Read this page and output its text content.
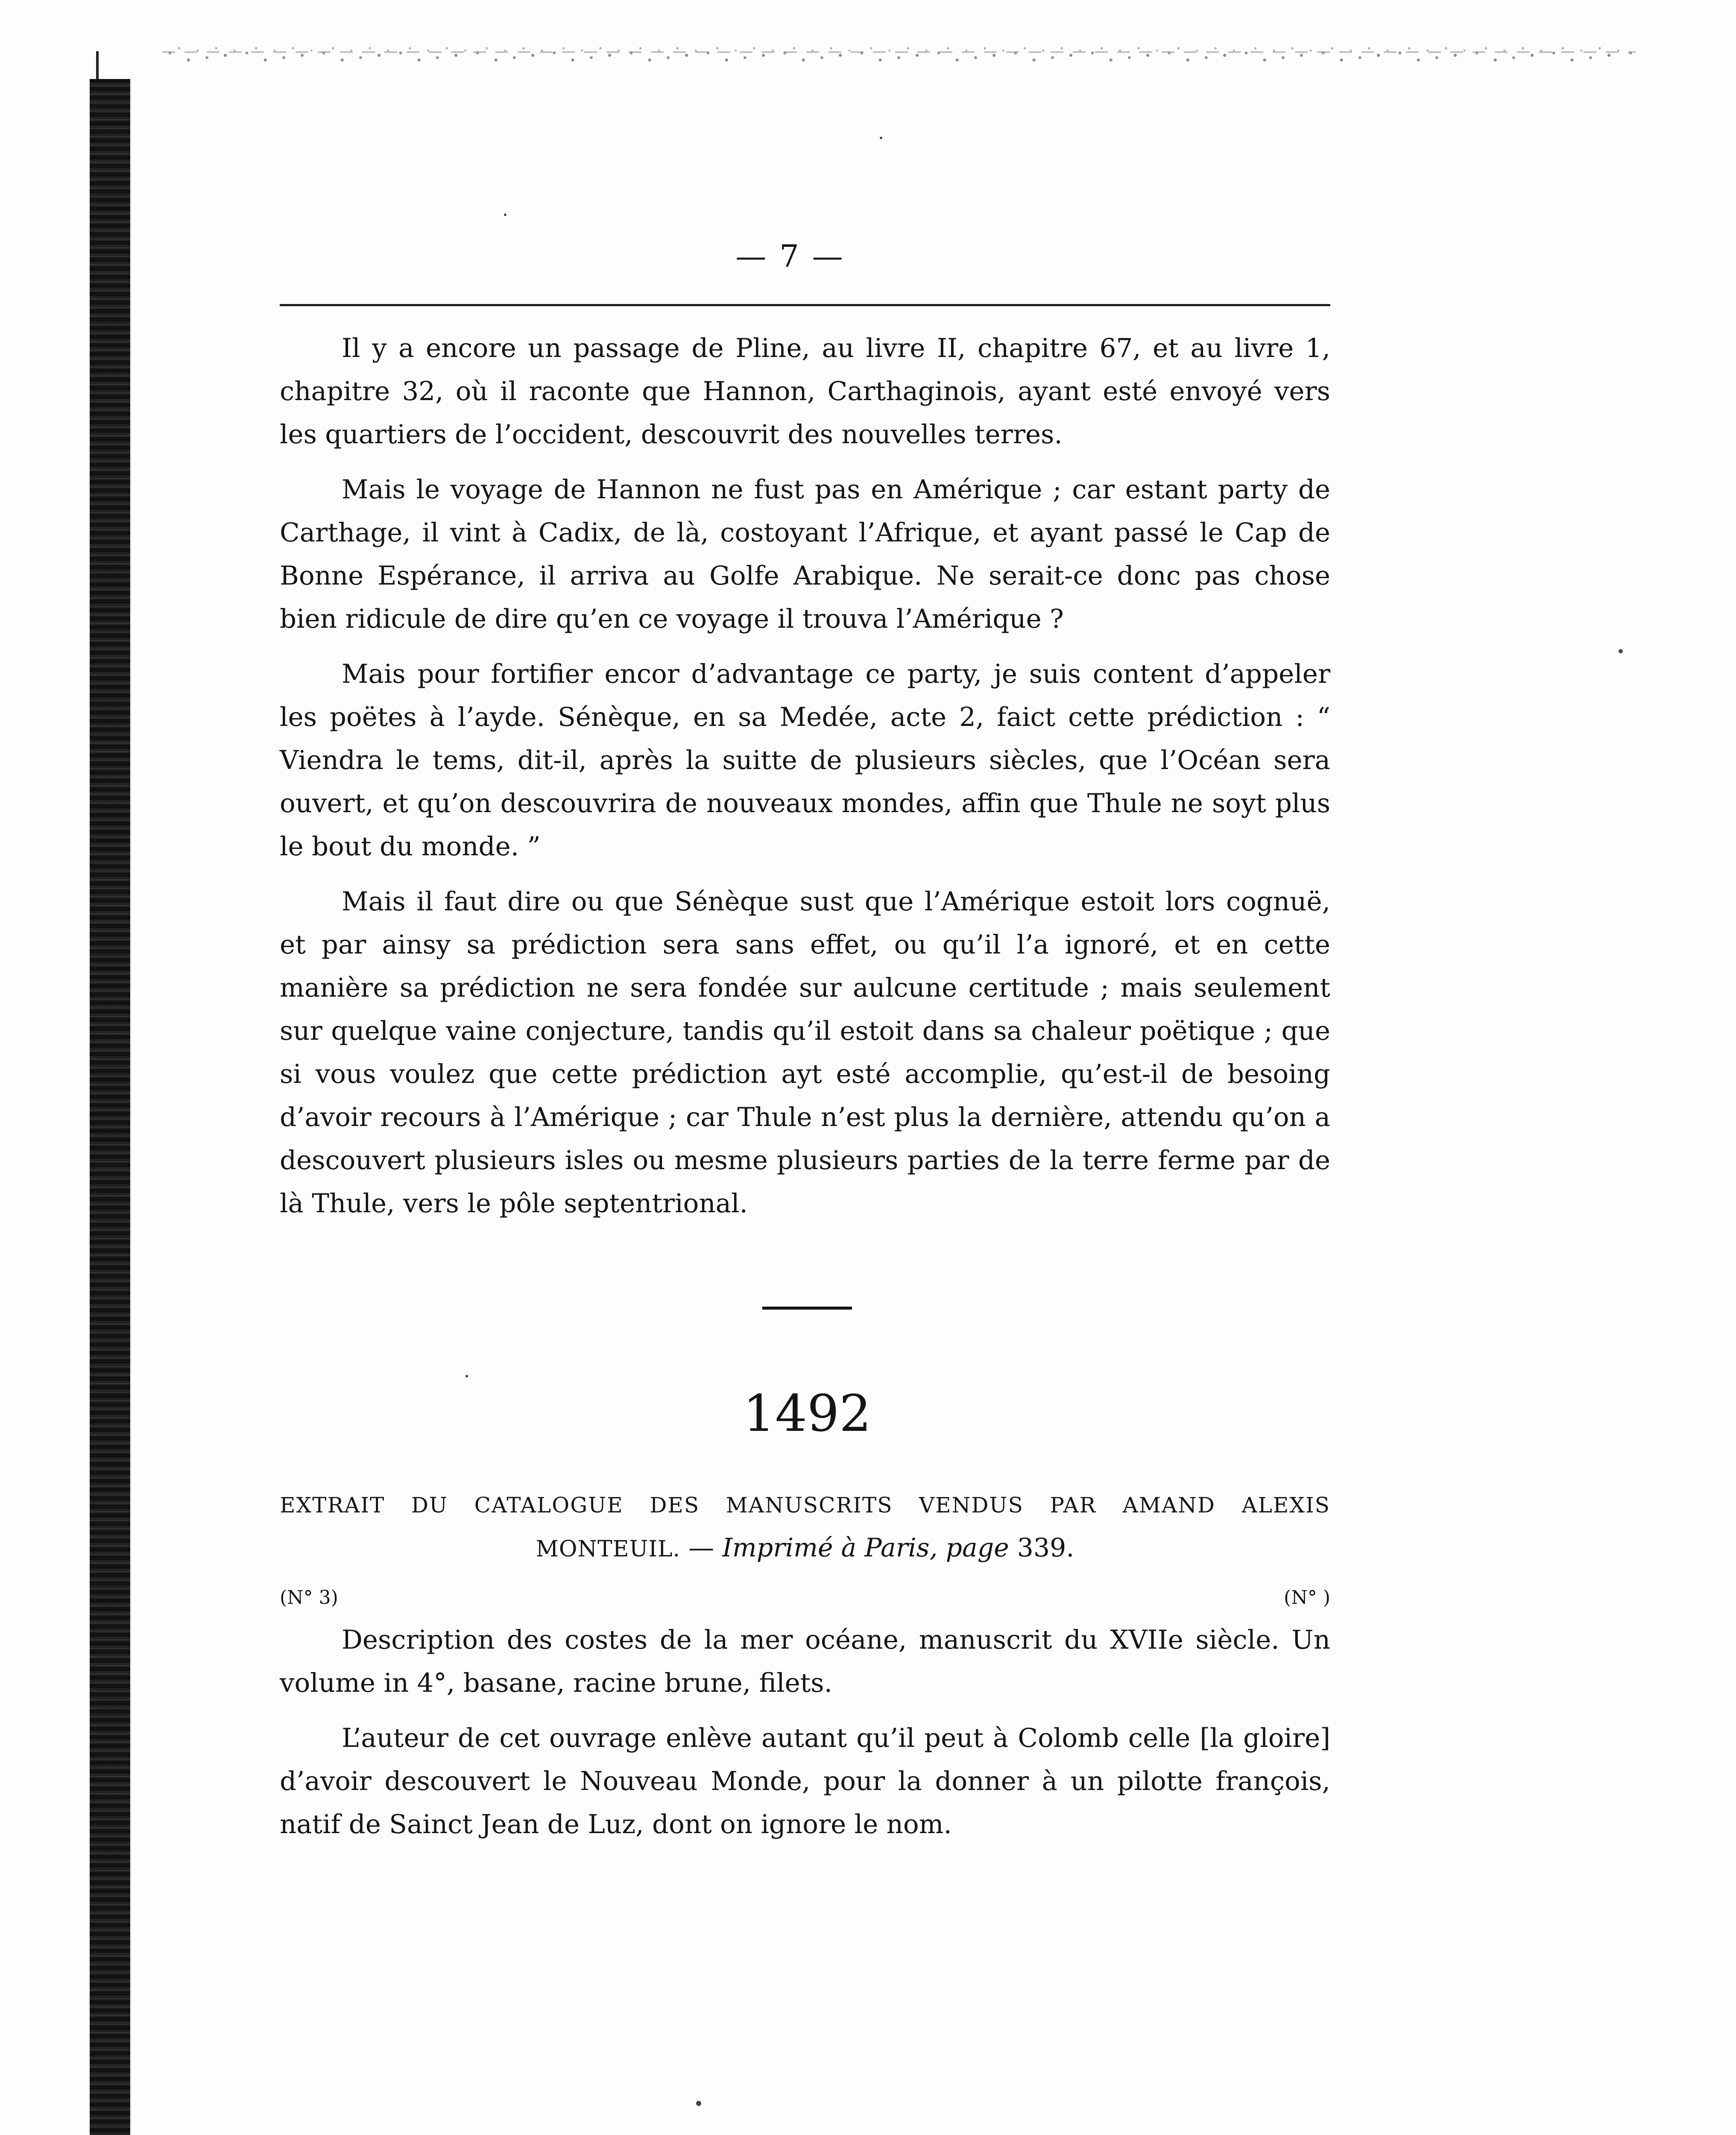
— 7 —

Il y a encore un passage de Pline, au livre II, chapitre 67, et au livre 1, chapitre 32, où il raconte que Hannon, Carthaginois, ayant esté envoyé vers les quartiers de l’occident, descouvrit des nouvelles terres.

Mais le voyage de Hannon ne fust pas en Amérique ; car estant party de Carthage, il vint à Cadix, de là, costoyant l’Afrique, et ayant passé le Cap de Bonne Espérance, il arriva au Golfe Arabique. Ne serait-ce donc pas chose bien ridicule de dire qu’en ce voyage il trouva l’Amérique ?

Mais pour fortifier encor d’advantage ce party, je suis content d’appeler les poëtes à l’ayde. Sénèque, en sa Medée, acte 2, faict cette prédiction : “ Viendra le tems, dit-il, après la suitte de plusieurs siècles, que l’Océan sera ouvert, et qu’on descouvrira de nouveaux mondes, affin que Thule ne soyt plus le bout du monde. ”

Mais il faut dire ou que Sénèque sust que l’Amérique estoit lors cognuë, et par ainsy sa prédiction sera sans effet, ou qu’il l’a ignoré, et en cette manière sa prédiction ne sera fondée sur aulcune certitude ; mais seulement sur quelque vaine conjecture, tandis qu’il estoit dans sa chaleur poëtique ; que si vous voulez que cette prédiction ayt esté accomplie, qu’est-il de besoing d’avoir recours à l’Amérique ; car Thule n’est plus la dernière, attendu qu’on a descouvert plusieurs isles ou mesme plusieurs parties de la terre ferme par de là Thule, vers le pôle septentrional.

1492
EXTRAIT DU CATALOGUE DES MANUSCRITS VENDUS PAR AMAND ALEXIS
MONTEUIL. — Imprimé à Paris, page 339.
(N° 3)	(N° )

Description des costes de la mer océane, manuscrit du XVIIe siècle. Un volume in 4°, basane, racine brune, filets.

L’auteur de cet ouvrage enlève autant qu’il peut à Colomb celle [la gloire] d’avoir descouvert le Nouveau Monde, pour la donner à un pilotte françois, natif de Sainct Jean de Luz, dont on ignore le nom.
